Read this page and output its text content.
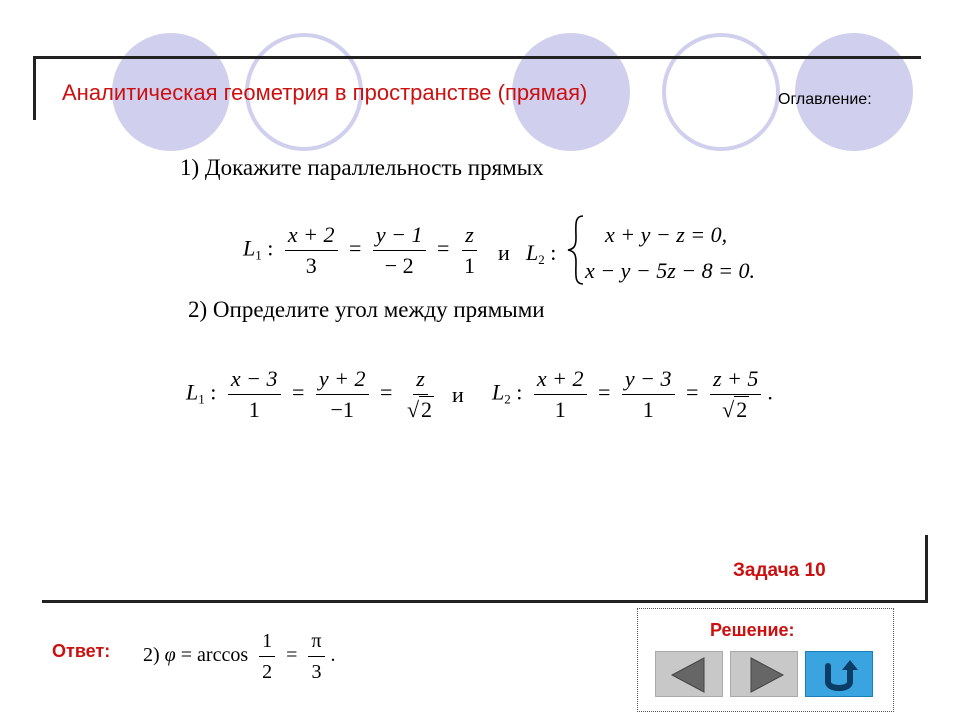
Аналитическая геометрия в пространстве (прямая)	Оглавление:
1) Докажите параллельность прямых
$L_1$ : $\frac{x + 2}{3} = \frac{y - 1}{- 2} = \frac{z}{1}$ и $L_2$ :
x + y − z = 0,
x − y − 5z − 8 = 0.
2) Определите угол между прямыми
$L_1$ : $\frac{x - 3}{1} = \frac{y + 2}{-1} = \frac{z}{√2}$ и $L_2$ : $\frac{x + 2}{1} = \frac{y - 3}{1} = \frac{z + 5}{√2}$ .
Задача 10
Ответ: 2) $\varphi = \arccos \frac{1}{2} = \frac{\pi}{3}$ .
Решение:
